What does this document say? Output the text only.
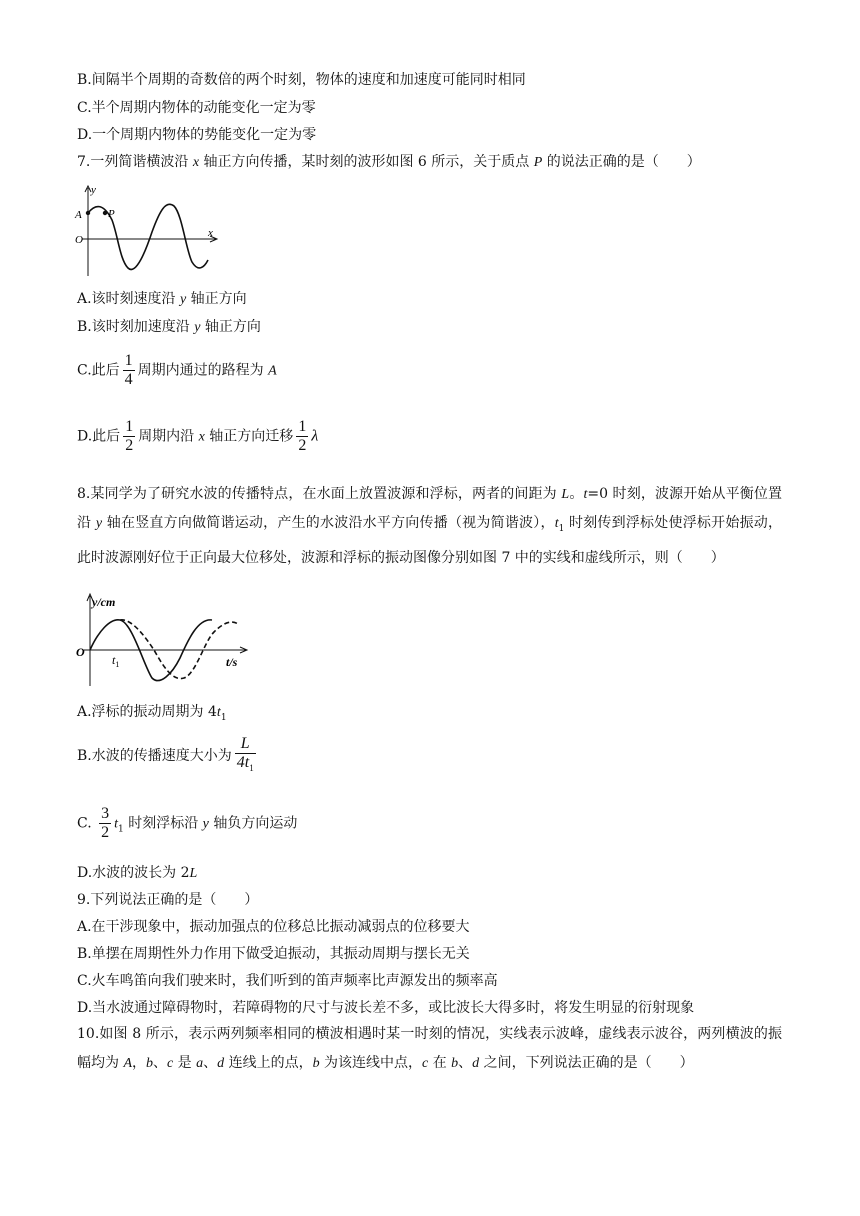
B.间隔半个周期的奇数倍的两个时刻，物体的速度和加速度可能同时相同
C.半个周期内物体的动能变化一定为零
D.一个周期内物体的势能变化一定为零
7.一列简谐横波沿 x 轴正方向传播，某时刻的波形如图 6 所示，关于质点 P 的说法正确的是（　　）
y
x
A P
O
A.该时刻速度沿 y 轴正方向
B.该时刻加速度沿 y 轴正方向
C.此后 $\frac{1}{4}$ 周期内通过的路程为 A
D.此后 $\frac{1}{2}$ 周期内沿 x 轴正方向迁移 $\frac{1}{2}$ λ
8.某同学为了研究水波的传播特点，在水面上放置波源和浮标，两者的间距为 L。t=0 时刻，波源开始从平衡位置沿 y 轴在竖直方向做简谐运动，产生的水波沿水平方向传播（视为简谐波），$t_1$ 时刻传到浮标处使浮标开始振动，此时波源刚好位于正向最大位移处，波源和浮标的振动图像分别如图 7 中的实线和虚线所示，则（　　）
y/cm
t/s
O
$t_1$
A.浮标的振动周期为 $4t_1$
B.水波的传播速度大小为 $\frac{L}{4t_1}$
C. $\frac{3}{2} t_1$ 时刻浮标沿 y 轴负方向运动
D.水波的波长为 2L
9.下列说法正确的是（　　）
A.在干涉现象中，振动加强点的位移总比振动减弱点的位移要大
B.单摆在周期性外力作用下做受迫振动，其振动周期与摆长无关
C.火车鸣笛向我们驶来时，我们听到的笛声频率比声源发出的频率高
D.当水波通过障碍物时，若障碍物的尺寸与波长差不多，或比波长大得多时，将发生明显的衍射现象
10.如图 8 所示，表示两列频率相同的横波相遇时某一时刻的情况，实线表示波峰，虚线表示波谷，两列横波的振幅均为 A，b、c 是 a、d 连线上的点，b 为该连线中点，c 在 b、d 之间，下列说法正确的是（　　）
